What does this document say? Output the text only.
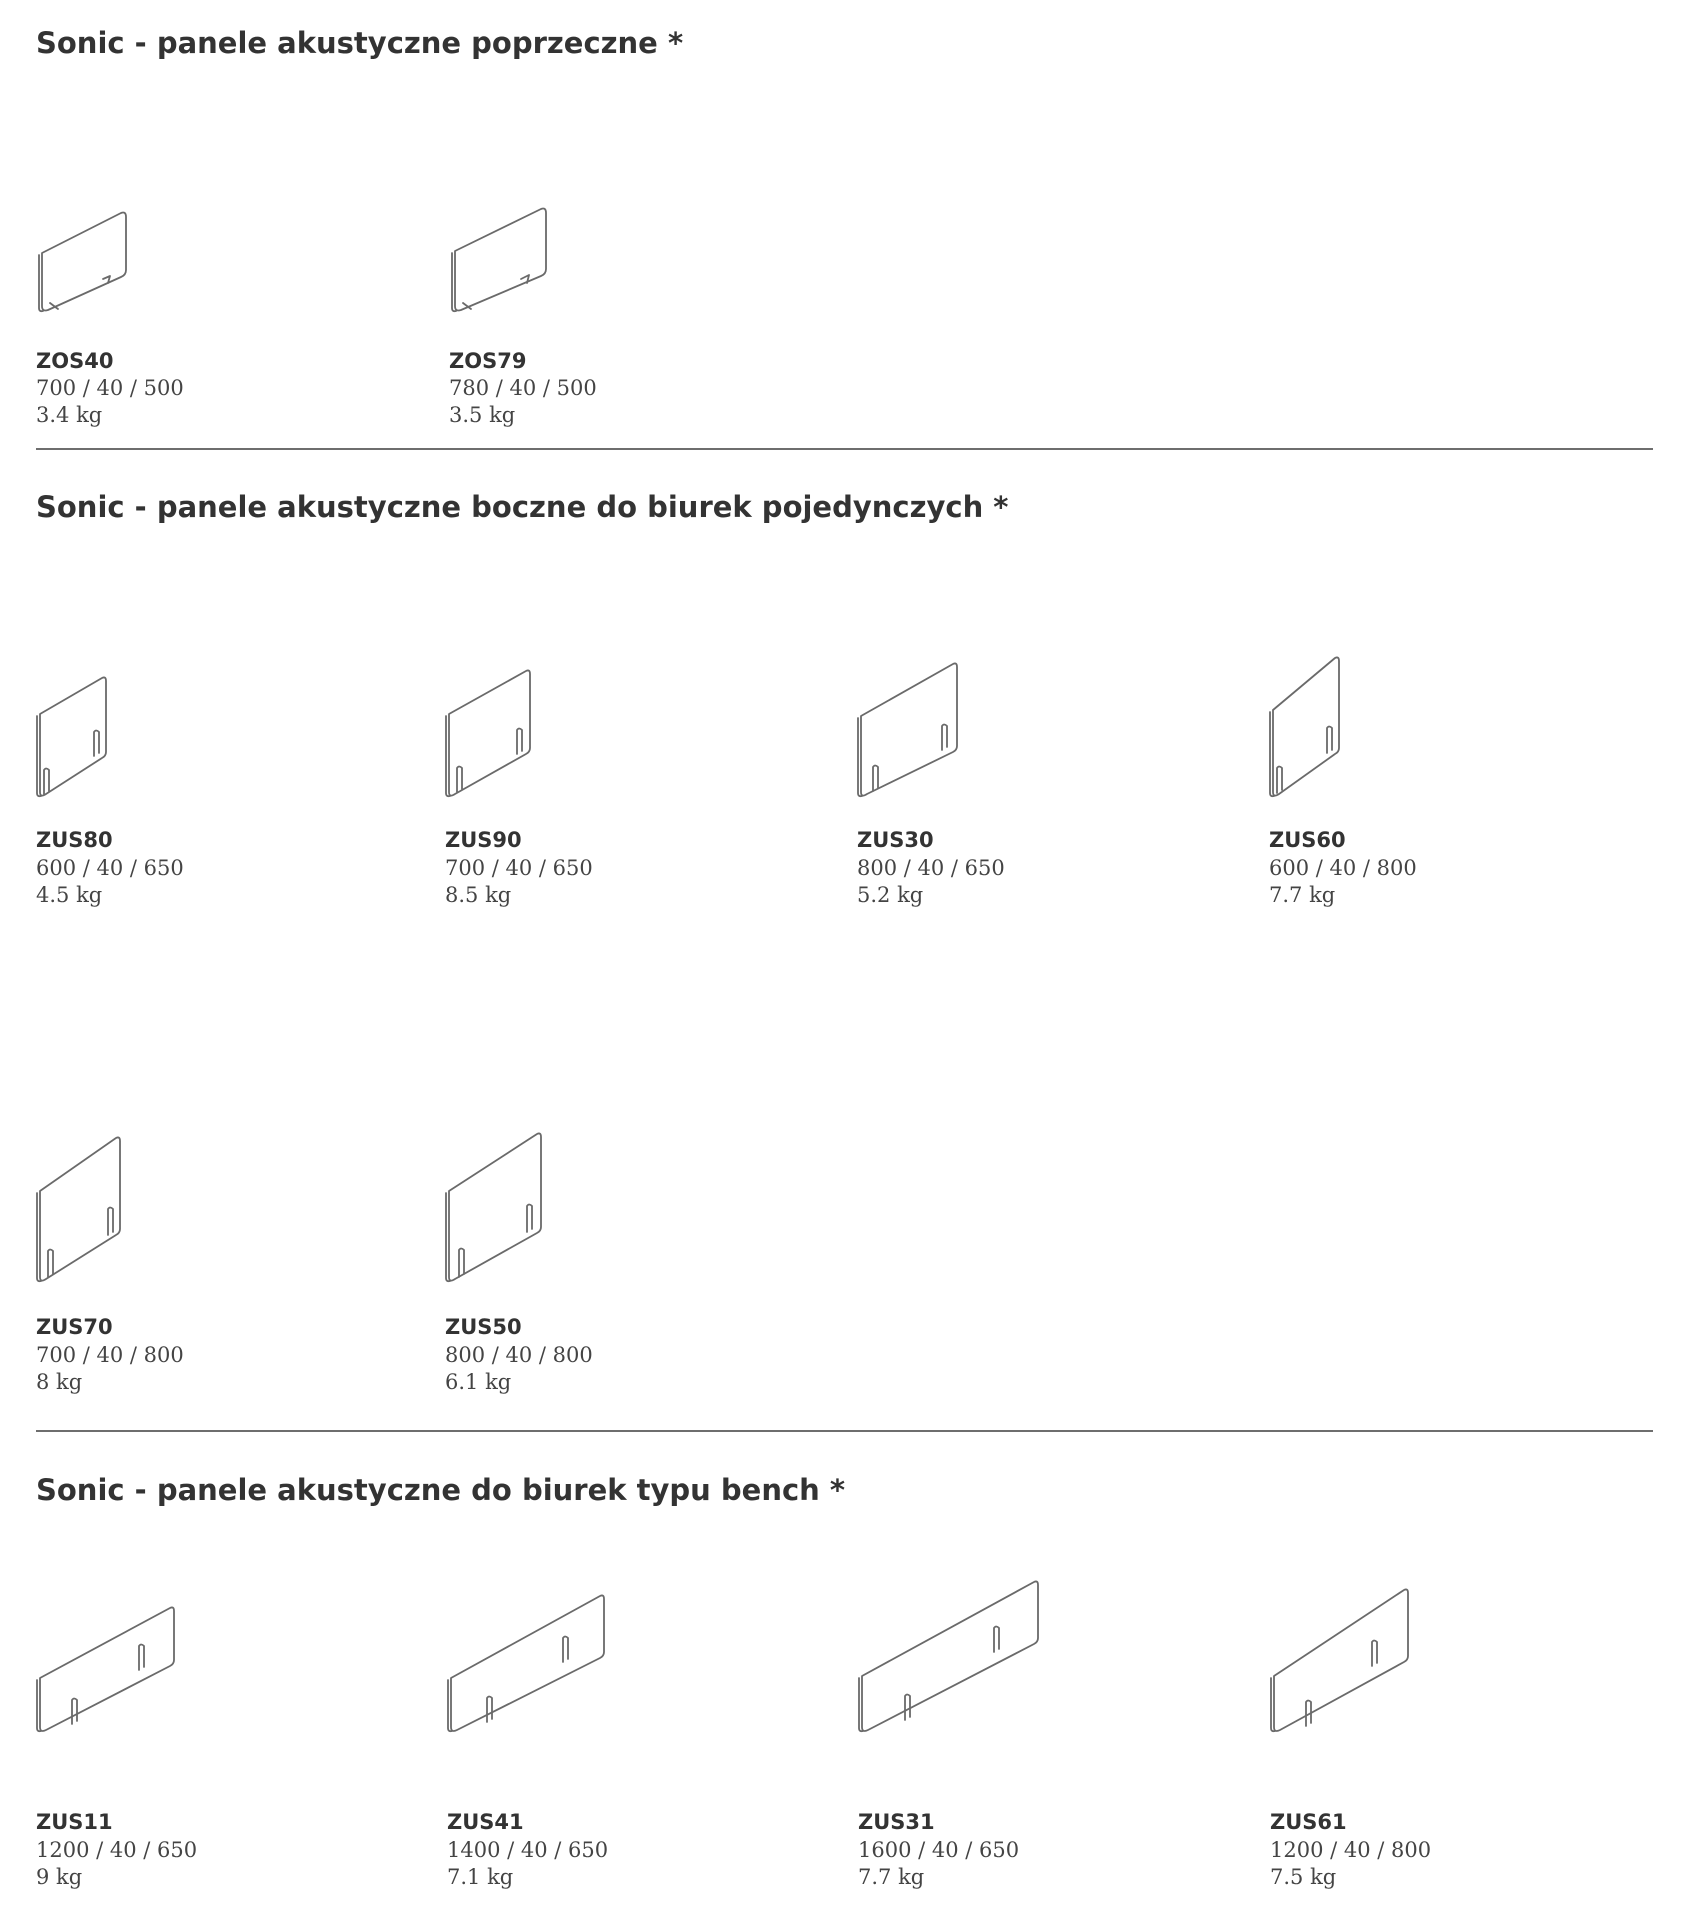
Sonic - panele akustyczne poprzeczne *
ZOS40
700 / 40 / 500
3.4 kg
ZOS79
780 / 40 / 500
3.5 kg
Sonic - panele akustyczne boczne do biurek pojedynczych *
ZUS80
600 / 40 / 650
4.5 kg
ZUS90
700 / 40 / 650
8.5 kg
ZUS30
800 / 40 / 650
5.2 kg
ZUS60
600 / 40 / 800
7.7 kg
ZUS70
700 / 40 / 800
8 kg
ZUS50
800 / 40 / 800
6.1 kg
Sonic - panele akustyczne do biurek typu bench *
ZUS11
1200 / 40 / 650
9 kg
ZUS41
1400 / 40 / 650
7.1 kg
ZUS31
1600 / 40 / 650
7.7 kg
ZUS61
1200 / 40 / 800
7.5 kg
